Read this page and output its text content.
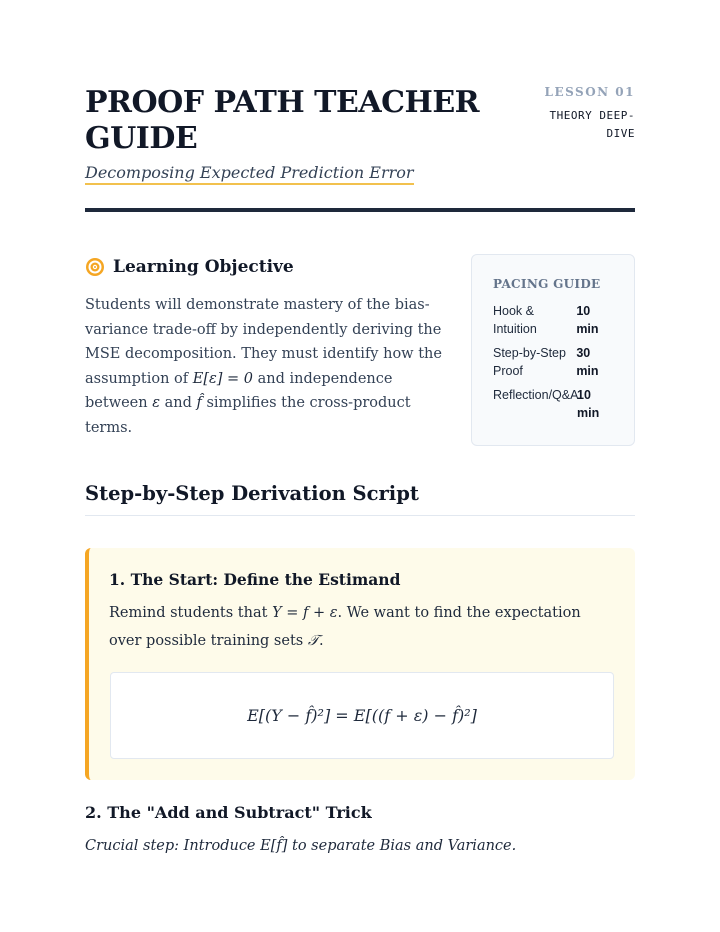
PROOF PATH TEACHER GUIDE
Decomposing Expected Prediction Error
LESSON 01
THEORY DEEP-DIVE
Learning Objective

Students will demonstrate mastery of the bias-variance trade-off by independently deriving the MSE decomposition. They must identify how the assumption of E[ε] = 0 and independence between ε and f̂ simplifies the cross-product terms.

PACING GUIDE
Hook & Intuition
10 min
Step-by-Step Proof
30 min
Reflection/Q&A
10 min
Step-by-Step Derivation Script
1. The Start: Define the Estimand

Remind students that Y = f + ε. We want to find the expectation over possible training sets 𝒯.

E[(Y − f̂)²] = E[((f + ε) − f̂)²]
2. The "Add and Subtract" Trick
Crucial step: Introduce E[f̂] to separate Bias and Variance.
